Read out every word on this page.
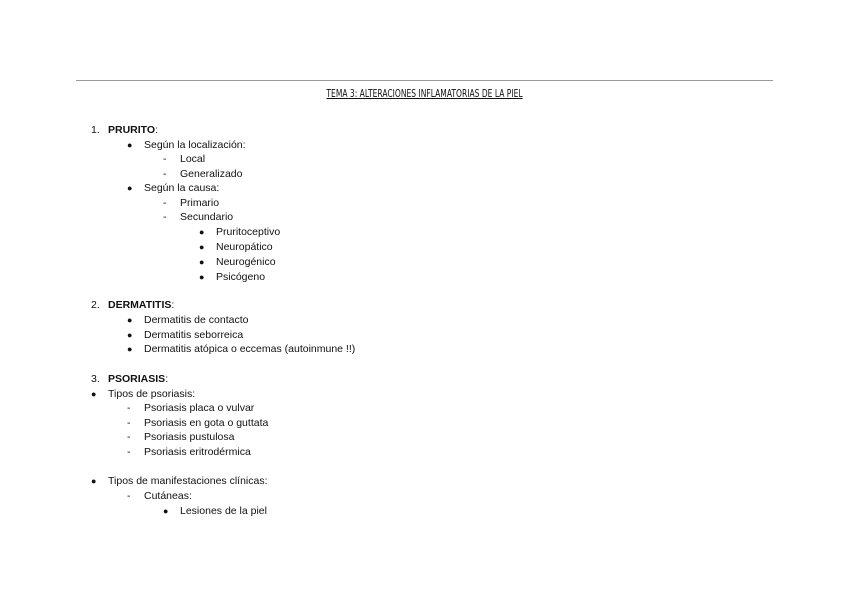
TEMA 3: ALTERACIONES INFLAMATORIAS DE LA PIEL
1. PRURITO:
● Según la localización:
- Local
- Generalizado
● Según la causa:
- Primario
- Secundario
● Pruritoceptivo
● Neuropático
● Neurogénico
● Psicógeno
2. DERMATITIS:
● Dermatitis de contacto
● Dermatitis seborreica
● Dermatitis atópica o eccemas (autoinmune !!)
3. PSORIASIS:
● Tipos de psoriasis:
- Psoriasis placa o vulvar
- Psoriasis en gota o guttata
- Psoriasis pustulosa
- Psoriasis eritrodérmica
● Tipos de manifestaciones clínicas:
- Cutáneas:
● Lesiones de la piel
